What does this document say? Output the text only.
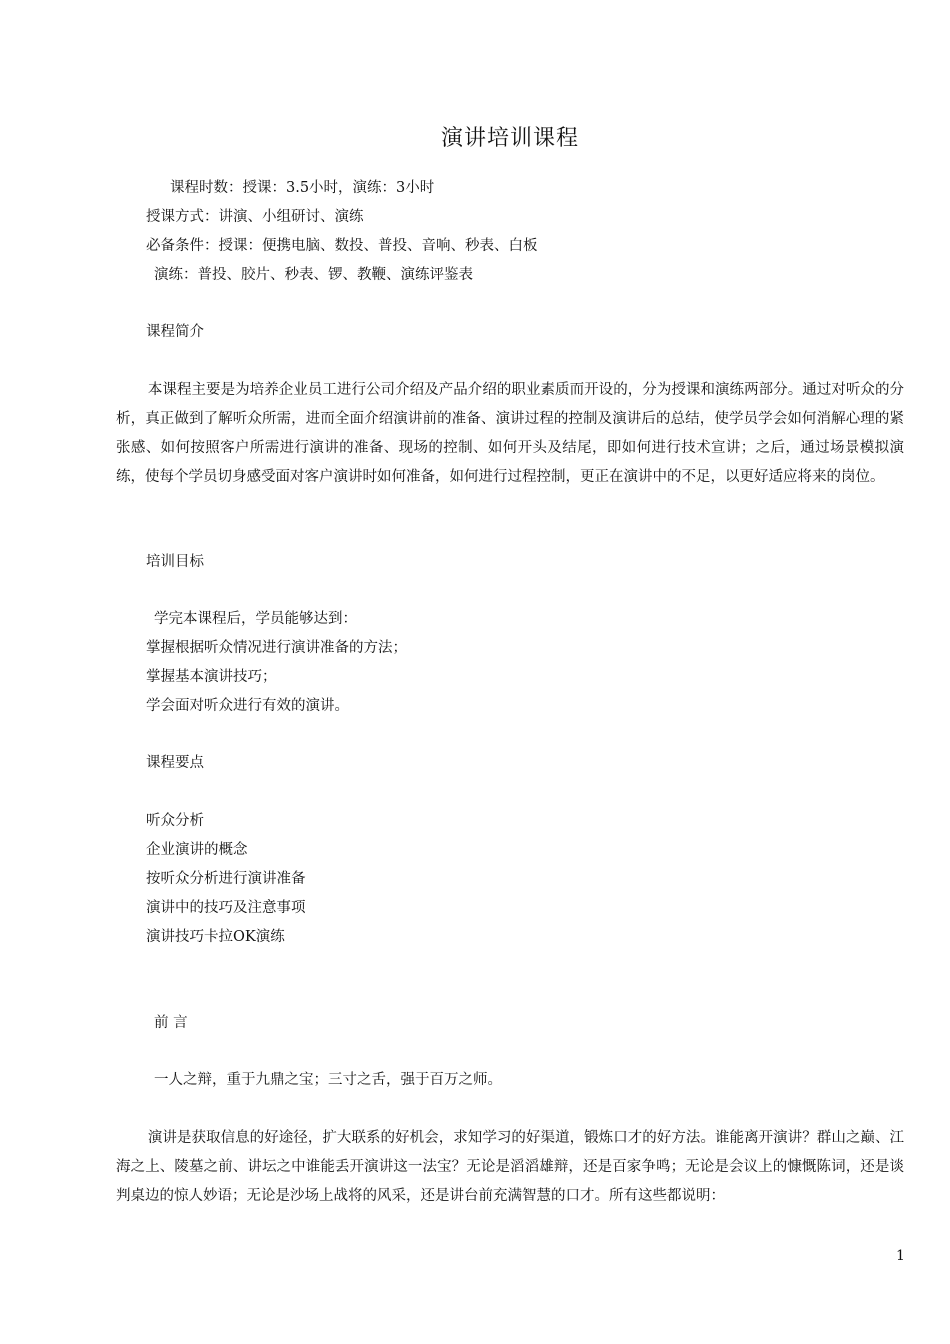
演讲培训课程
课程时数：授课：3.5小时，演练：3小时
授课方式：讲演、小组研讨、演练
必备条件：授课：便携电脑、数投、普投、音响、秒表、白板
演练：普投、胶片、秒表、锣、教鞭、演练评鉴表
课程简介
本课程主要是为培养企业员工进行公司介绍及产品介绍的职业素质而开设的，分为授课和演练两部分。通过对听众的分析，真正做到了解听众所需，进而全面介绍演讲前的准备、演讲过程的控制及演讲后的总结，使学员学会如何消解心理的紧张感、如何按照客户所需进行演讲的准备、现场的控制、如何开头及结尾，即如何进行技术宣讲；之后，通过场景模拟演练，使每个学员切身感受面对客户演讲时如何准备，如何进行过程控制，更正在演讲中的不足，以更好适应将来的岗位。
培训目标
学完本课程后，学员能够达到：
掌握根据听众情况进行演讲准备的方法；
掌握基本演讲技巧；
学会面对听众进行有效的演讲。
课程要点
听众分析
企业演讲的概念
按听众分析进行演讲准备
演讲中的技巧及注意事项
演讲技巧卡拉OK演练
前 言
一人之辩，重于九鼎之宝；三寸之舌，强于百万之师。
演讲是获取信息的好途径，扩大联系的好机会，求知学习的好渠道，锻炼口才的好方法。谁能离开演讲？群山之巅、江海之上、陵墓之前、讲坛之中谁能丢开演讲这一法宝？无论是滔滔雄辩，还是百家争鸣；无论是会议上的慷慨陈词，还是谈判桌边的惊人妙语；无论是沙场上战将的风采，还是讲台前充满智慧的口才。所有这些都说明：
1
